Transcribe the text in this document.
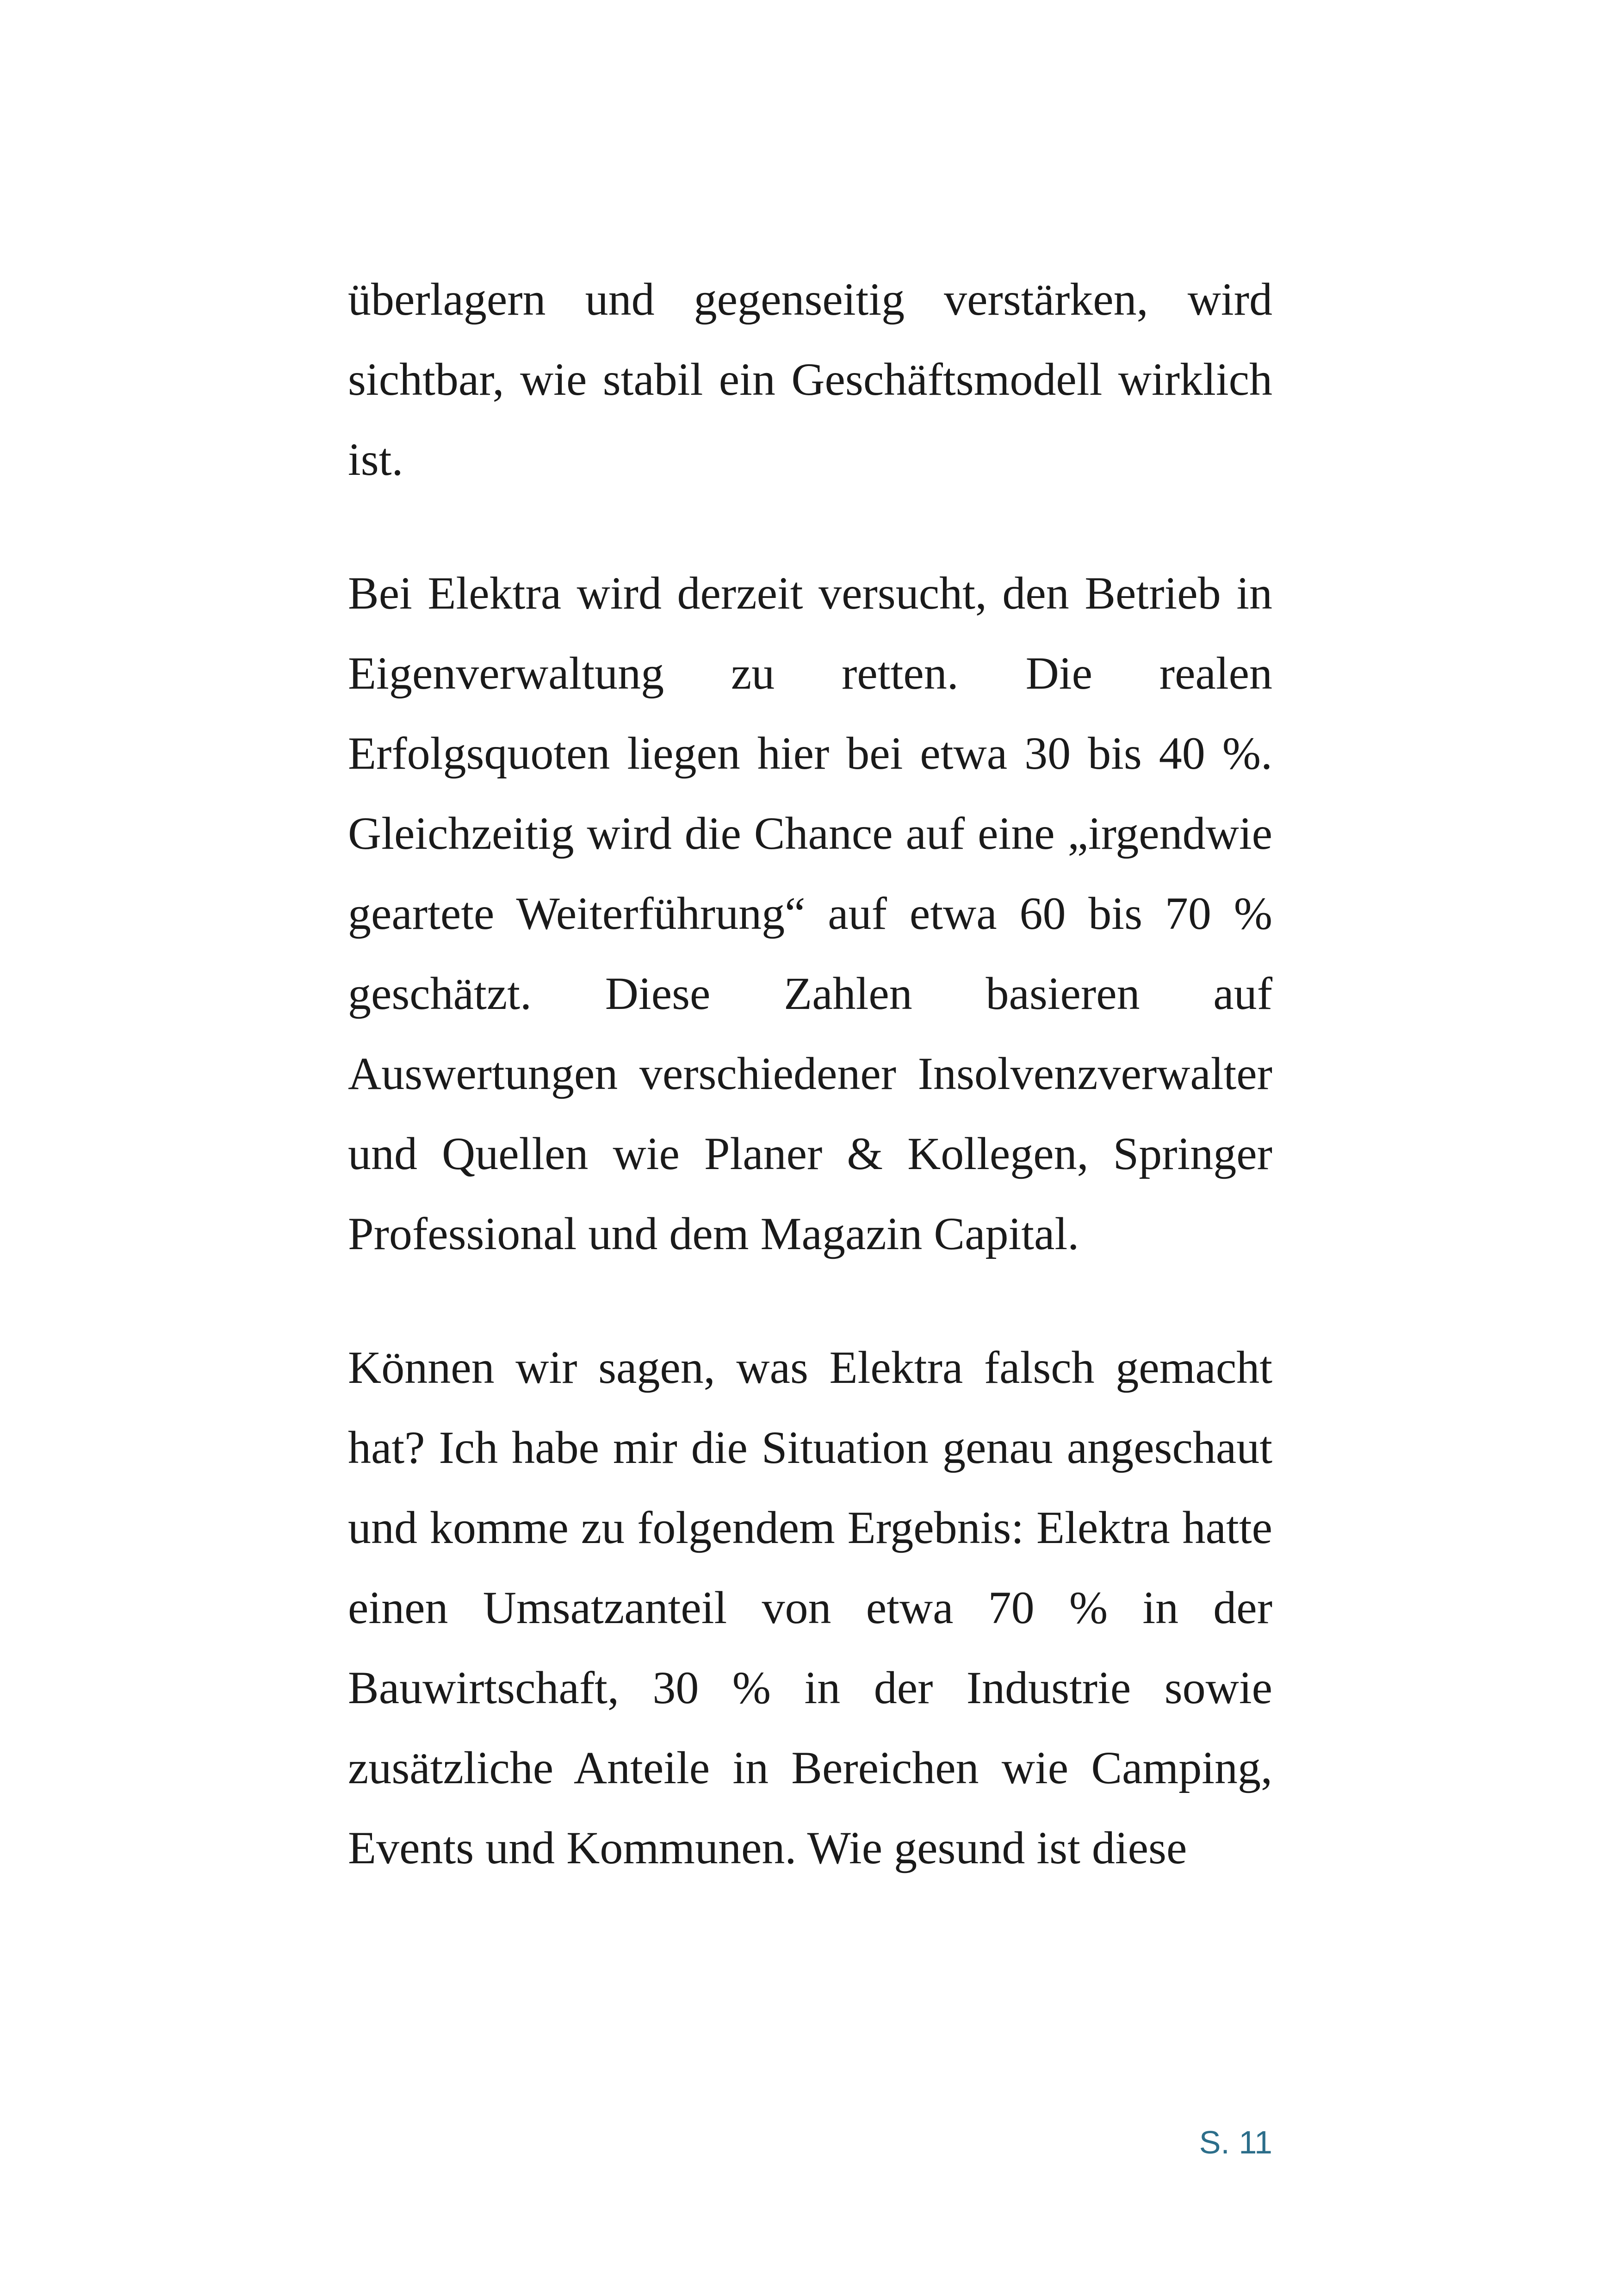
überlagern und gegenseitig verstärken, wird sichtbar, wie stabil ein Geschäftsmodell wirklich ist.

Bei Elektra wird derzeit versucht, den Betrieb in Eigenverwaltung zu retten. Die realen Erfolgsquoten liegen hier bei etwa 30 bis 40 %. Gleichzeitig wird die Chance auf eine „irgendwie geartete Weiterführung“ auf etwa 60 bis 70 % geschätzt. Diese Zahlen basieren auf Auswertungen verschiedener Insolvenzverwalter und Quellen wie Planer & Kollegen, Springer Professional und dem Magazin Capital.

Können wir sagen, was Elektra falsch gemacht hat? Ich habe mir die Situation genau angeschaut und komme zu folgendem Ergebnis: Elektra hatte einen Umsatzanteil von etwa 70 % in der Bauwirtschaft, 30 % in der Industrie sowie zusätzliche Anteile in Bereichen wie Camping, Events und Kommunen. Wie gesund ist diese

S. 11
